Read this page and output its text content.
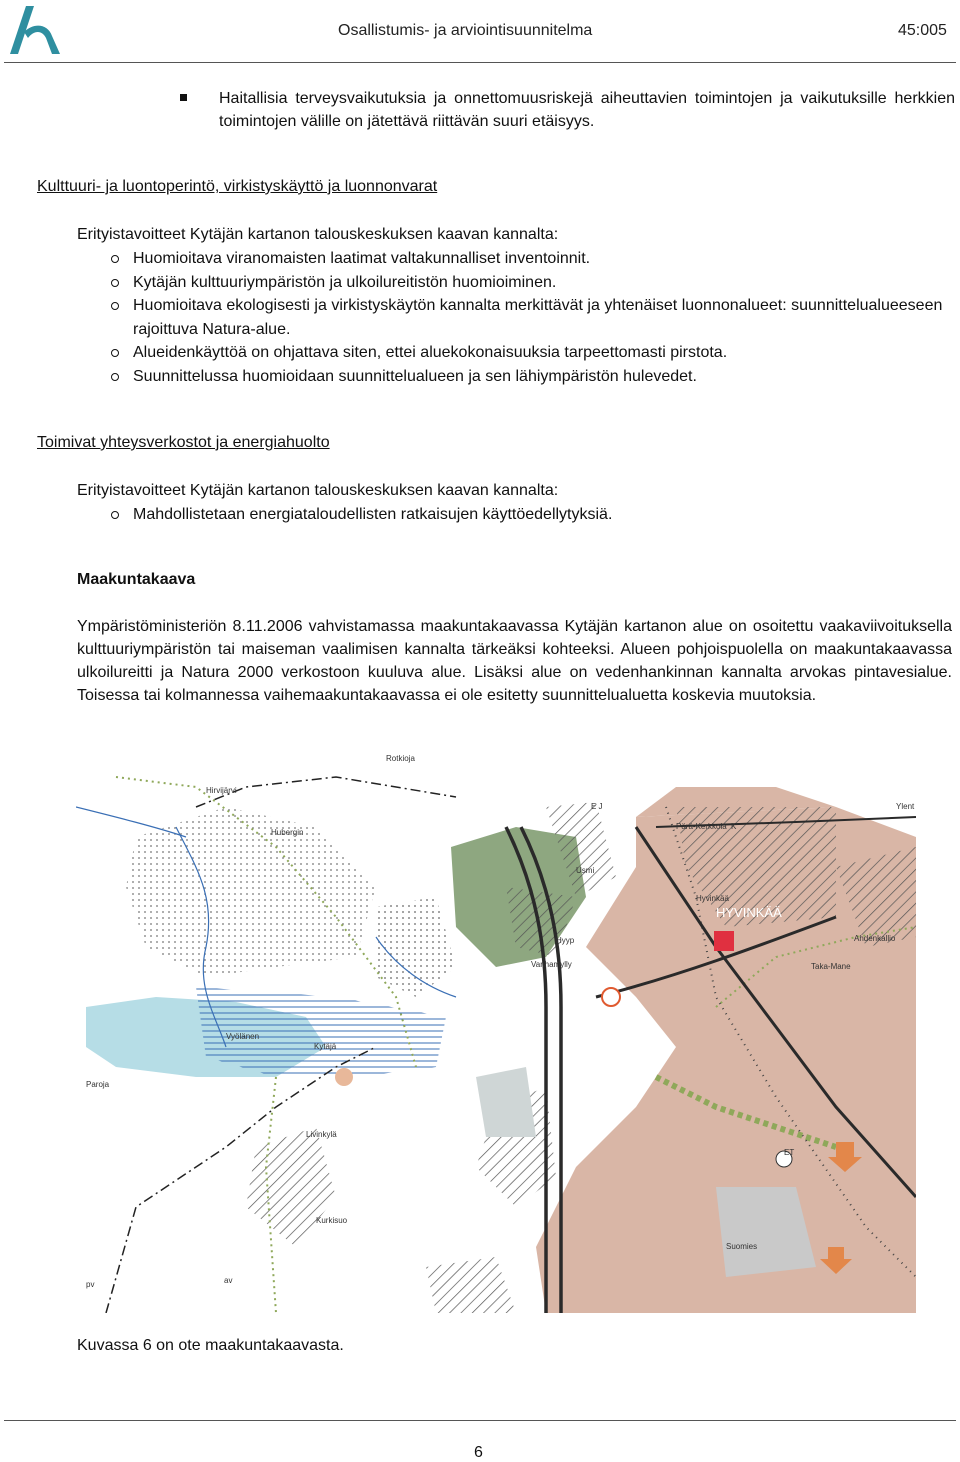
Osallistumis- ja arviointisuunnitelma	45:005
Haitallisia terveysvaikutuksia ja onnettomuusriskejä aiheuttavien toimintojen ja vaikutuksille herkkien toimintojen välille on jätettävä riittävän suuri etäisyys.
Kulttuuri- ja luontoperintö, virkistyskäyttö ja luonnonvarat
Erityistavoitteet Kytäjän kartanon talouskeskuksen kaavan kannalta:
Huomioitava viranomaisten laatimat valtakunnalliset inventoinnit.
Kytäjän kulttuuriympäristön ja ulkoilureitistön huomioiminen.
Huomioitava ekologisesti ja virkistyskäytön kannalta merkittävät ja yhtenäiset luonnonalueet: suunnittelualueeseen rajoittuva Natura-alue.
Alueidenkäyttöä on ohjattava siten, ettei aluekokonaisuuksia tarpeettomasti pirstota.
Suunnittelussa huomioidaan suunnittelualueen ja sen lähiympäristön hulevedet.
Toimivat yhteysverkostot ja energiahuolto
Erityistavoitteet Kytäjän kartanon talouskeskuksen kaavan kannalta:
Mahdollistetaan energiataloudellisten ratkaisujen käyttöedellytyksiä.
Maakuntakaava
Ympäristöministeriön 8.11.2006 vahvistamassa maakuntakaavassa Kytäjän kartanon alue on osoitettu vaakaviivoituksella kulttuuriympäristön tai maiseman vaalimisen kannalta tärkeäksi kohteeksi. Alueen pohjoispuolella on maakuntakaavassa ulkoilureitti ja Natura 2000 verkostoon kuuluva alue. Lisäksi alue on vedenhankinnan kannalta arvokas pintavesialue. Toisessa tai kolmannessa vaihemaakuntakaavassa ei ole esitetty suunnittelualuetta koskevia muutoksia.
Rotkioja
Hirvijärvi
Hubergin
Pärä-Kerkkola
E J	Ylent
Usmi
HYVINKÄÄ
Hyvinkää
Ahdenkallio
Taka-Mane
Vanhamylly
Hyyp
Kytäjä
Vyölänen
Paroja
Livinkylä
Kurkisuo
Suomies
ET
pv	av
K
Kuvassa 6 on ote maakuntakaavasta.
6
